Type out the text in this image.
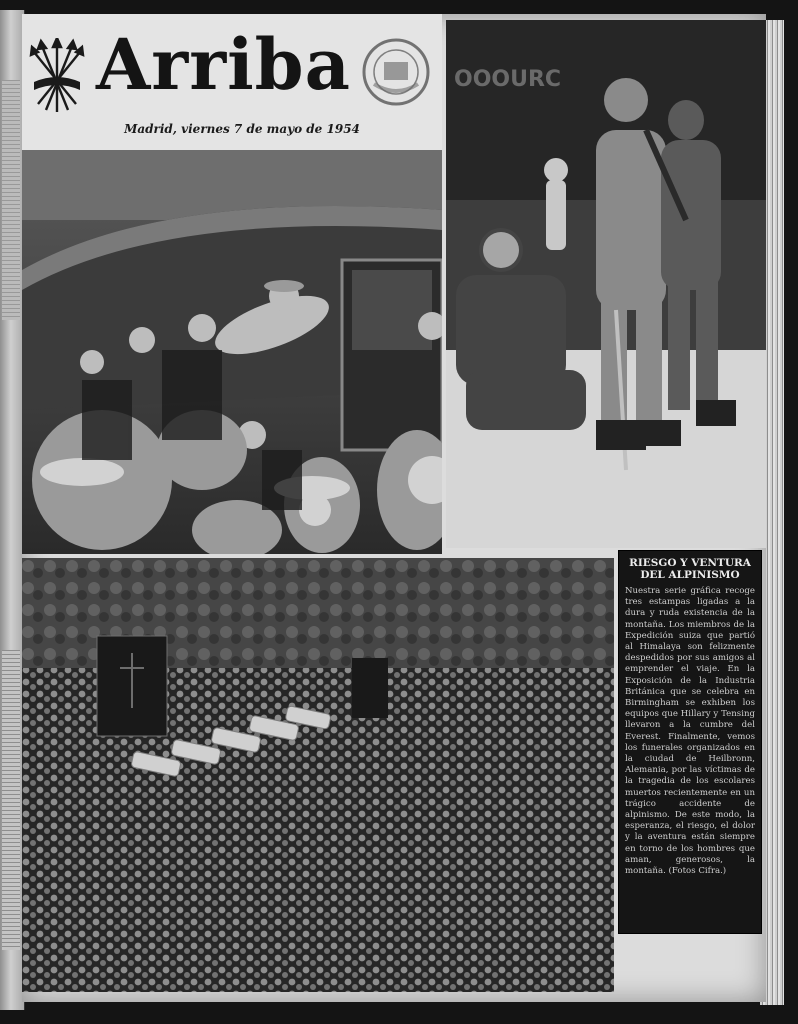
Arriba
Madrid, viernes 7 de mayo de 1954
OOOURC
RIESGO Y VENTURA DEL ALPINISMO

Nuestra serie gráfica recoge tres estampas ligadas a la dura y ruda existencia de la montaña. Los miembros de la Expedición suiza que partió al Himalaya son felizmente despedidos por sus amigos al emprender el viaje. En la Exposición de la Industria Británica que se celebra en Birmingham se exhiben los equipos que Hillary y Tensing llevaron a la cumbre del Everest. Finalmente, vemos los funerales organizados en la ciudad de Heilbronn, Alemania, por las víctimas de la tragedia de los escolares muertos recientemente en un trágico accidente de alpinismo. De este modo, la esperanza, el riesgo, el dolor y la aventura están siempre en torno de los hombres que aman, generosos, la montaña. (Fotos Cifra.)
